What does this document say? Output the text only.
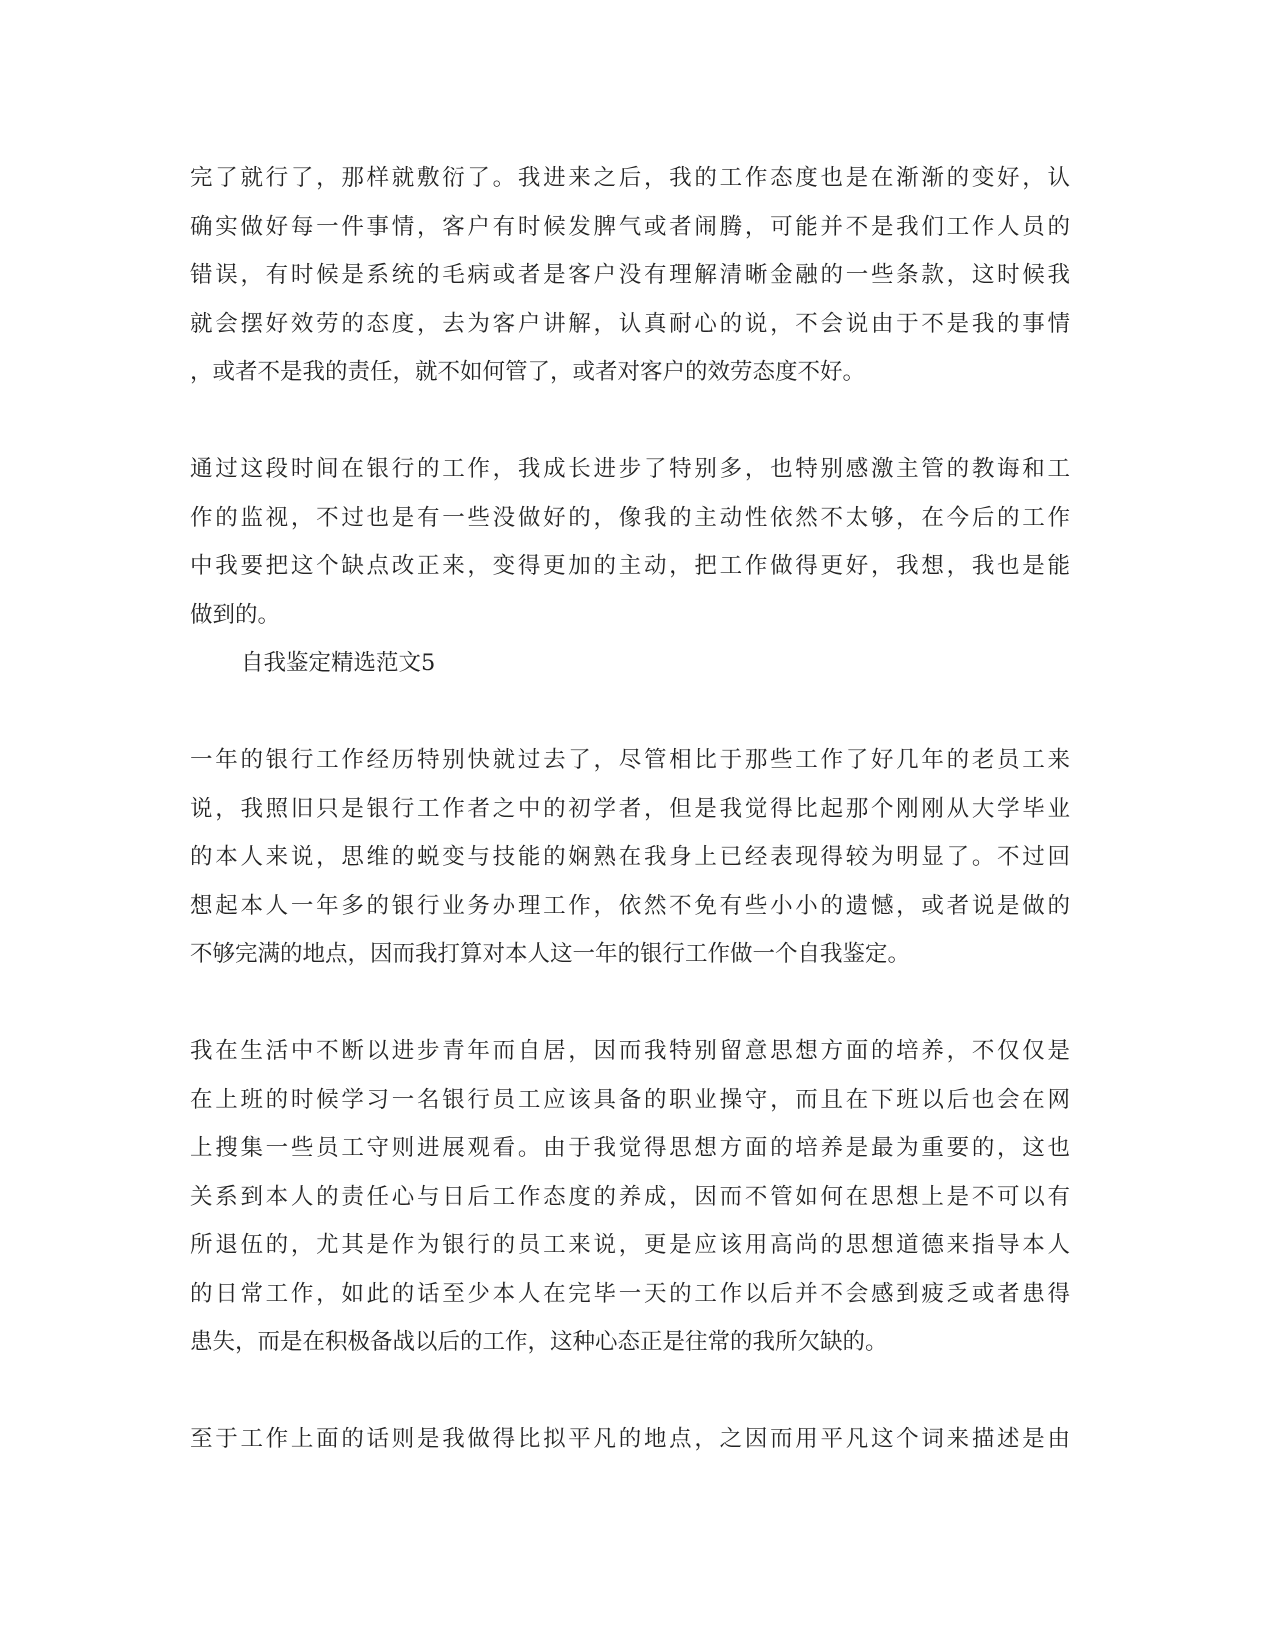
完了就行了，那样就敷衍了。我进来之后，我的工作态度也是在渐渐的变好，认
确实做好每一件事情，客户有时候发脾气或者闹腾，可能并不是我们工作人员的
错误，有时候是系统的毛病或者是客户没有理解清晰金融的一些条款，这时候我
就会摆好效劳的态度，去为客户讲解，认真耐心的说，不会说由于不是我的事情
，或者不是我的责任，就不如何管了，或者对客户的效劳态度不好。
通过这段时间在银行的工作，我成长进步了特别多，也特别感激主管的教诲和工
作的监视，不过也是有一些没做好的，像我的主动性依然不太够，在今后的工作
中我要把这个缺点改正来，变得更加的主动，把工作做得更好，我想，我也是能
做到的。
自我鉴定精选范文5
一年的银行工作经历特别快就过去了，尽管相比于那些工作了好几年的老员工来
说，我照旧只是银行工作者之中的初学者，但是我觉得比起那个刚刚从大学毕业
的本人来说，思维的蜕变与技能的娴熟在我身上已经表现得较为明显了。不过回
想起本人一年多的银行业务办理工作，依然不免有些小小的遗憾，或者说是做的
不够完满的地点，因而我打算对本人这一年的银行工作做一个自我鉴定。
我在生活中不断以进步青年而自居，因而我特别留意思想方面的培养，不仅仅是
在上班的时候学习一名银行员工应该具备的职业操守，而且在下班以后也会在网
上搜集一些员工守则进展观看。由于我觉得思想方面的培养是最为重要的，这也
关系到本人的责任心与日后工作态度的养成，因而不管如何在思想上是不可以有
所退伍的，尤其是作为银行的员工来说，更是应该用高尚的思想道德来指导本人
的日常工作，如此的话至少本人在完毕一天的工作以后并不会感到疲乏或者患得
患失，而是在积极备战以后的工作，这种心态正是往常的我所欠缺的。
至于工作上面的话则是我做得比拟平凡的地点，之因而用平凡这个词来描述是由
